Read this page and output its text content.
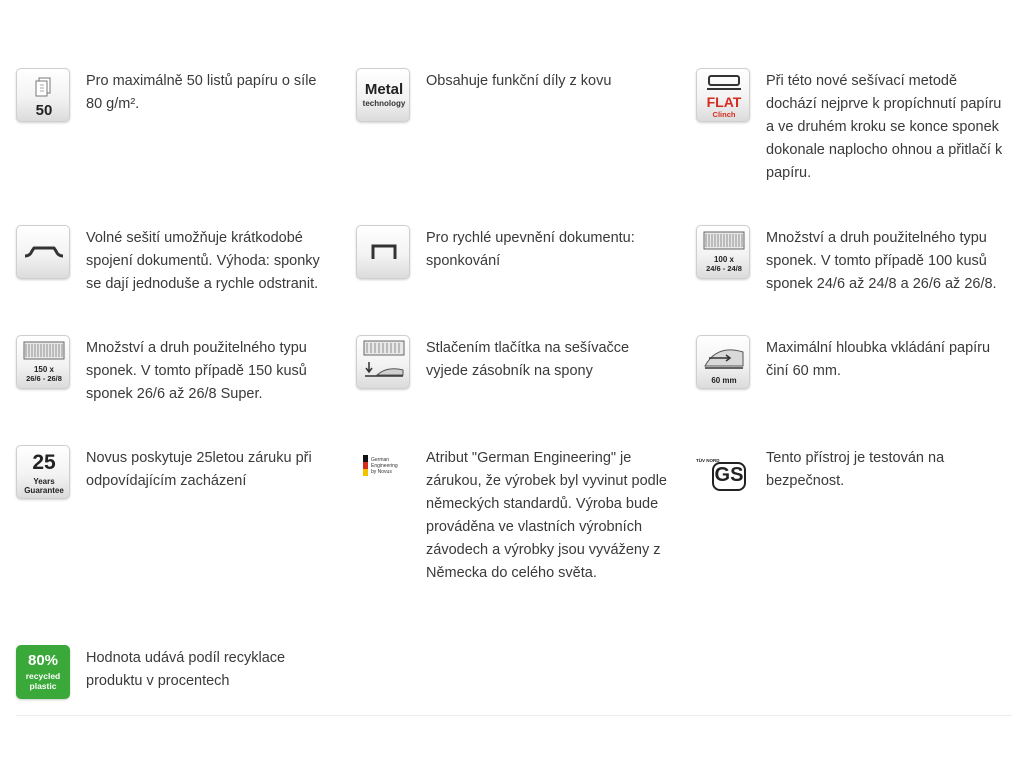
50
Pro maximálně 50 listů papíru o síle 80 g/m².
Metal
technology
Obsahuje funkční díly z kovu
FLAT
Clinch
Při této nové sešívací metodě dochází nejprve k propíchnutí papíru a ve druhém kroku se konce sponek dokonale naplocho ohnou a přitlačí k papíru.
Volné sešití umožňuje krátkodobé spojení dokumentů. Výhoda: sponky se dají jednoduše a rychle odstranit.
Pro rychlé upevnění dokumentu: sponkování	100 x
24/6 - 24/8
Množství a druh použitelného typu sponek. V tomto případě 100 kusů sponek 24/6 až 24/8 a 26/6 až 26/8.
150 x
26/6 - 26/8
Množství a druh použitelného typu sponek. V tomto případě 150 kusů sponek 26/6 až 26/8 Super.
Stlačením tlačítka na sešívačce vyjede zásobník na spony
60 mm
Maximální hloubka vkládání papíru činí 60 mm.
25
Years
Guarantee
Novus poskytuje 25letou záruku při odpovídajícím zacházení
German
Engineering
by Novus
Atribut "German Engineering" je zárukou, že výrobek byl vyvinut podle německých standardů. Výroba bude prováděna ve vlastních výrobních závodech a výrobky jsou vyváženy z Německa do celého světa.
TÜV NORD
GS
Tento přístroj je testován na bezpečnost.
80%
recycled
plastic
Hodnota udává podíl recyklace produktu v procentech
